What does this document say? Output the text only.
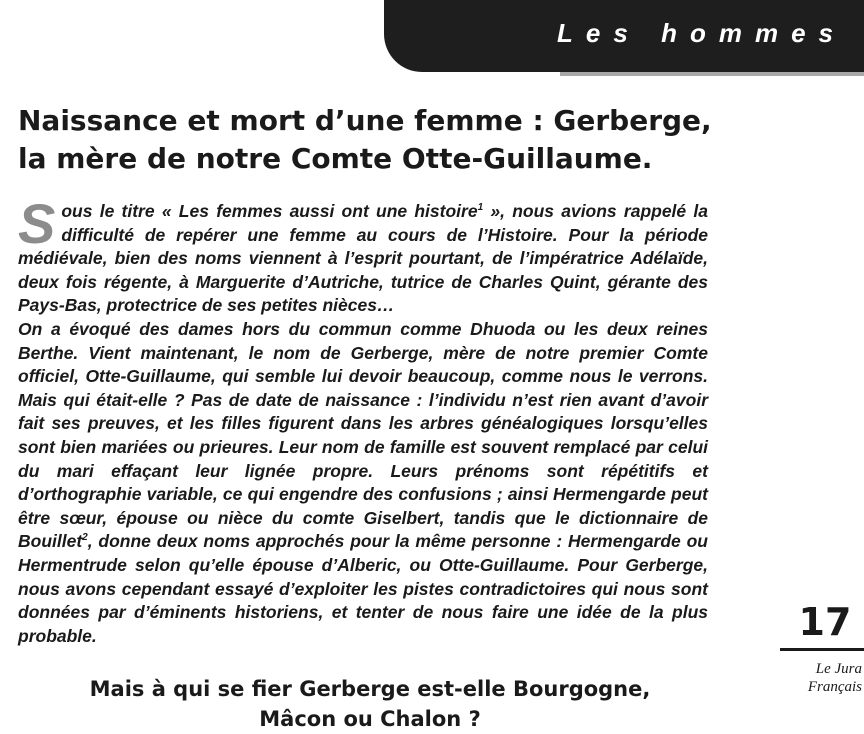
Les hommes
Naissance et mort d’une femme : Gerberge,
la mère de notre Comte Otte-Guillaume.

Sous le titre « Les femmes aussi ont une histoire$^1$ », nous avions rappelé la difficulté de repérer une femme au cours de l’Histoire. Pour la période médiévale, bien des noms viennent à l’esprit pourtant, de l’impératrice Adélaïde, deux fois régente, à Marguerite d’Autriche, tutrice de Charles Quint, gérante des Pays-Bas, protectrice de ses petites nièces…

On a évoqué des dames hors du commun comme Dhuoda ou les deux reines Berthe. Vient maintenant, le nom de Gerberge, mère de notre premier Comte officiel, Otte-Guillaume, qui semble lui devoir beaucoup, comme nous le verrons. Mais qui était-elle ? Pas de date de naissance : l’individu n’est rien avant d’avoir fait ses preuves, et les filles figurent dans les arbres généalogiques lorsqu’elles sont bien mariées ou prieures. Leur nom de famille est souvent remplacé par celui du mari effaçant leur lignée propre. Leurs prénoms sont répétitifs et d’orthographie variable, ce qui engendre des confusions ; ainsi Hermengarde peut être sœur, épouse ou nièce du comte Giselbert, tandis que le dictionnaire de Bouillet$^2$, donne deux noms approchés pour la même personne : Hermengarde ou Hermentrude selon qu’elle épouse d’Alberic, ou Otte-Guillaume. Pour Gerberge, nous avons cependant essayé d’exploiter les pistes contradictoires qui nous sont données par d’éminents historiens, et tenter de nous faire une idée de la plus probable.	17
Le Jura
Français
Mais à qui se fier Gerberge est-elle Bourgogne,
Mâcon ou Chalon ?
